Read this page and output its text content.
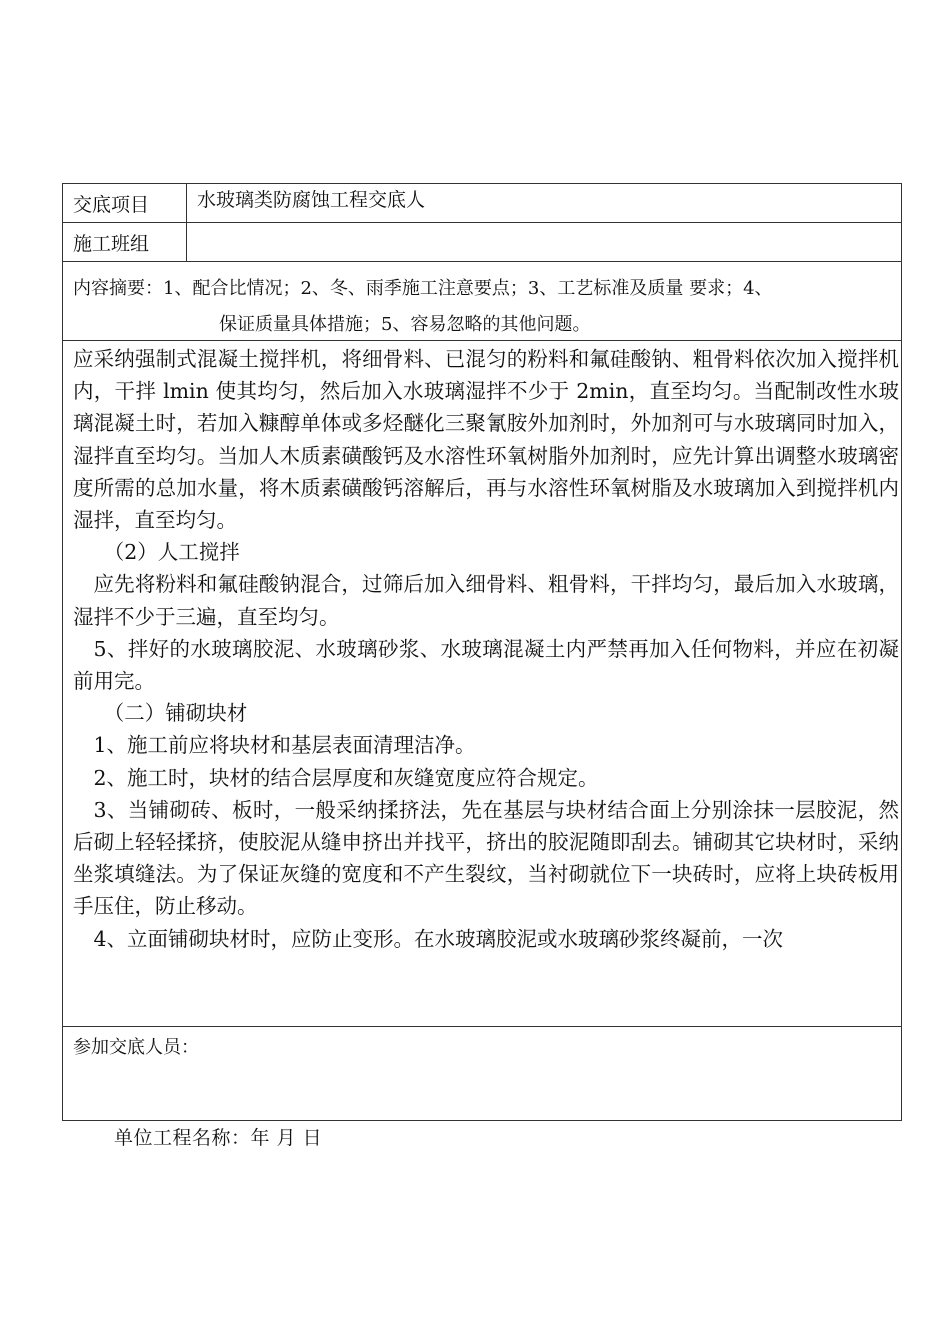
交底项目	水玻璃类防腐蚀工程交底人
施工班组
内容摘要：1、配合比情况；2、冬、雨季施工注意要点；3、工艺标准及质量 要求；4、
保证质量具体措施；5、容易忽略的其他问题。

应采纳强制式混凝土搅拌机，将细骨料、已混匀的粉料和氟硅酸钠、粗骨料依次加入搅拌机内，干拌 lmin 使其均匀，然后加入水玻璃湿拌不少于 2min，直至均匀。当配制改性水玻璃混凝土时，若加入糠醇单体或多烃醚化三聚氰胺外加剂时，外加剂可与水玻璃同时加入，湿拌直至均匀。当加人木质素磺酸钙及水溶性环氧树脂外加剂时，应先计算出调整水玻璃密度所需的总加水量，将木质素磺酸钙溶解后，再与水溶性环氧树脂及水玻璃加入到搅拌机内湿拌，直至均匀。

（2）人工搅拌

应先将粉料和氟硅酸钠混合，过筛后加入细骨料、粗骨料，干拌均匀，最后加入水玻璃，湿拌不少于三遍，直至均匀。

5、拌好的水玻璃胶泥、水玻璃砂浆、水玻璃混凝土内严禁再加入任何物料，并应在初凝前用完。

（二）铺砌块材

1、施工前应将块材和基层表面清理洁净。

2、施工时，块材的结合层厚度和灰缝宽度应符合规定。

3、当铺砌砖、板时，一般采纳揉挤法，先在基层与块材结合面上分别涂抹一层胶泥，然后砌上轻轻揉挤，使胶泥从缝申挤出并找平，挤出的胶泥随即刮去。铺砌其它块材时，采纳坐浆填缝法。为了保证灰缝的宽度和不产生裂纹，当衬砌就位下一块砖时，应将上块砖板用手压住，防止移动。

4、立面铺砌块材时，应防止变形。在水玻璃胶泥或水玻璃砂浆终凝前，一次

参加交底人员：
单位工程名称：年 月 日
